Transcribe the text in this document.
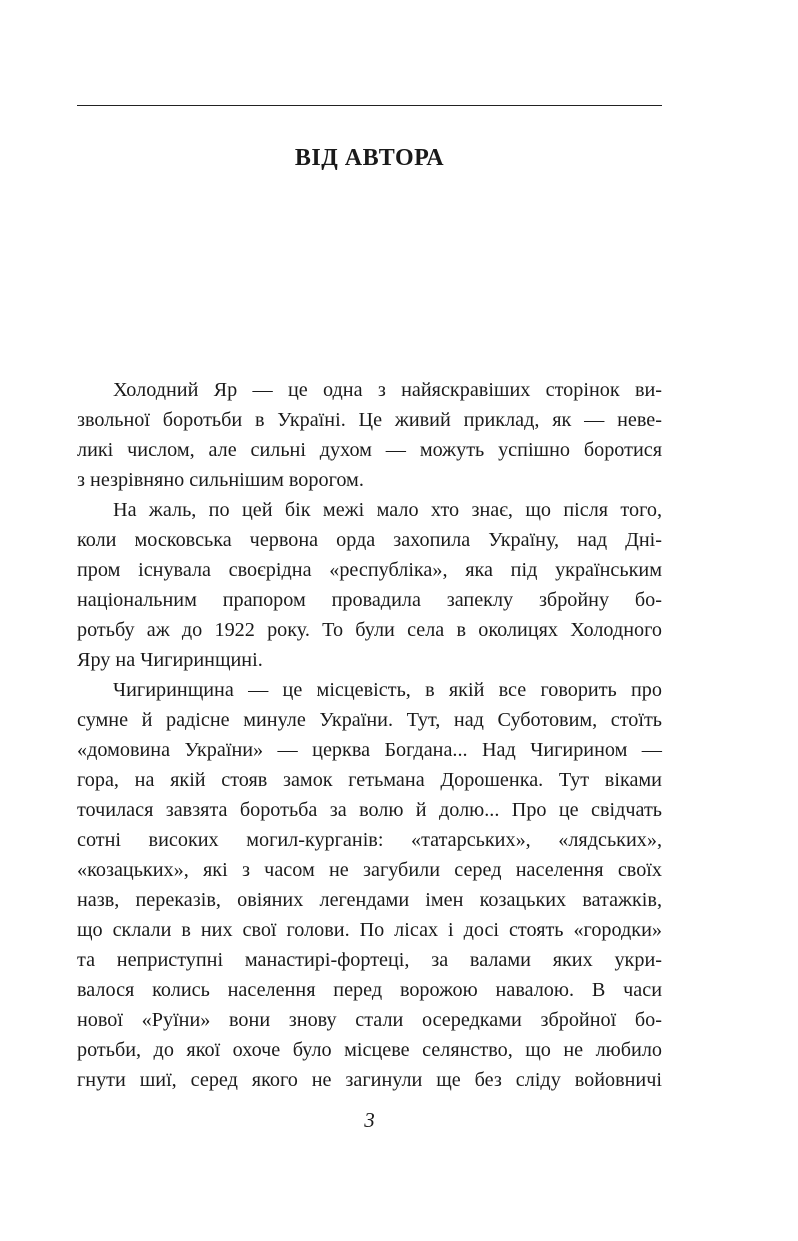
ВІД АВТОРА
Холодний Яр — це одна з найяскравіших сторінок ви-
звольної боротьби в Україні. Це живий приклад, як — неве-
ликі числом, але сильні духом — можуть успішно боротися
з незрівняно сильнішим ворогом.
На жаль, по цей бік межі мало хто знає, що після того,
коли московська червона орда захопила Україну, над Дні-
пром існувала своєрідна «республіка», яка під українським
національним прапором провадила запеклу збройну бо-
ротьбу аж до 1922 року. То були села в околицях Холодного
Яру на Чигиринщині.
Чигиринщина — це місцевість, в якій все говорить про
сумне й радісне минуле України. Тут, над Суботовим, стоїть
«домовина України» — церква Богдана... Над Чигирином —
гора, на якій стояв замок гетьмана Дорошенка. Тут віками
точилася завзята боротьба за волю й долю... Про це свідчать
сотні високих могил-курганів: «татарських», «лядських»,
«козацьких», які з часом не загубили серед населення своїх
назв, переказів, овіяних легендами імен козацьких ватажків,
що склали в них свої голови. По лісах і досі стоять «городки»
та неприступні манастирі-фортеці, за валами яких укри-
валося колись населення перед ворожою навалою. В часи
нової «Руїни» вони знову стали осередками збройної бо-
ротьби, до якої охоче було місцеве селянство, що не любило
гнути шиї, серед якого не загинули ще без сліду войовничі
3
